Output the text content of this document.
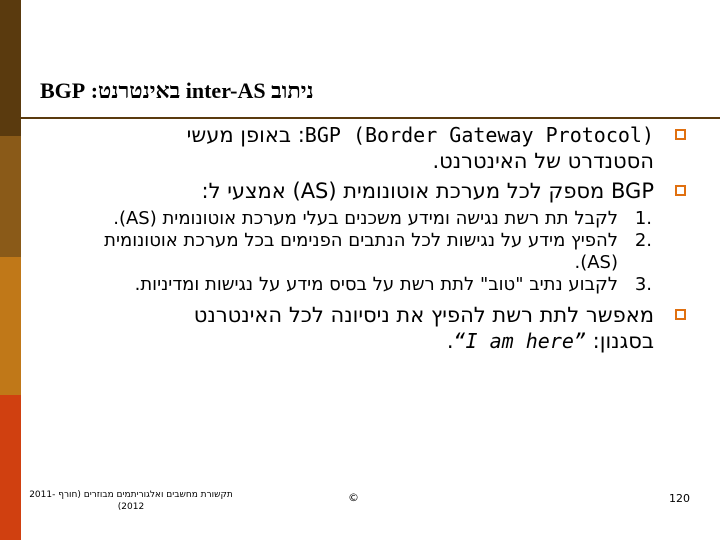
ניתוב inter-AS באינטרנט: BGP
BGP (Border Gateway Protocol): באופן מעשי
הסטנדרט של האינטרנט.
BGP מספק לכל מערכת אוטונומית (AS) אמצעי ל:
1.
לקבל תת רשת נגישה ומידע משכנים בעלי מערכת אוטונומית (AS).
2.
להפיץ מידע על נגישות לכל הנתבים הפנימים בכל מערכת אוטונומית (AS).
3.
לקבוע נתיב "טוב" לתת רשת על בסיס מידע על נגישות ומדיניות.
מאפשר לתת רשת להפיץ את ניסיונה לכל האינטרנט
בסגנון: “I am here”.
תקשורת מחשבים ואלגוריתמים מבוזרים (חורף 2011-2012)
©	120
